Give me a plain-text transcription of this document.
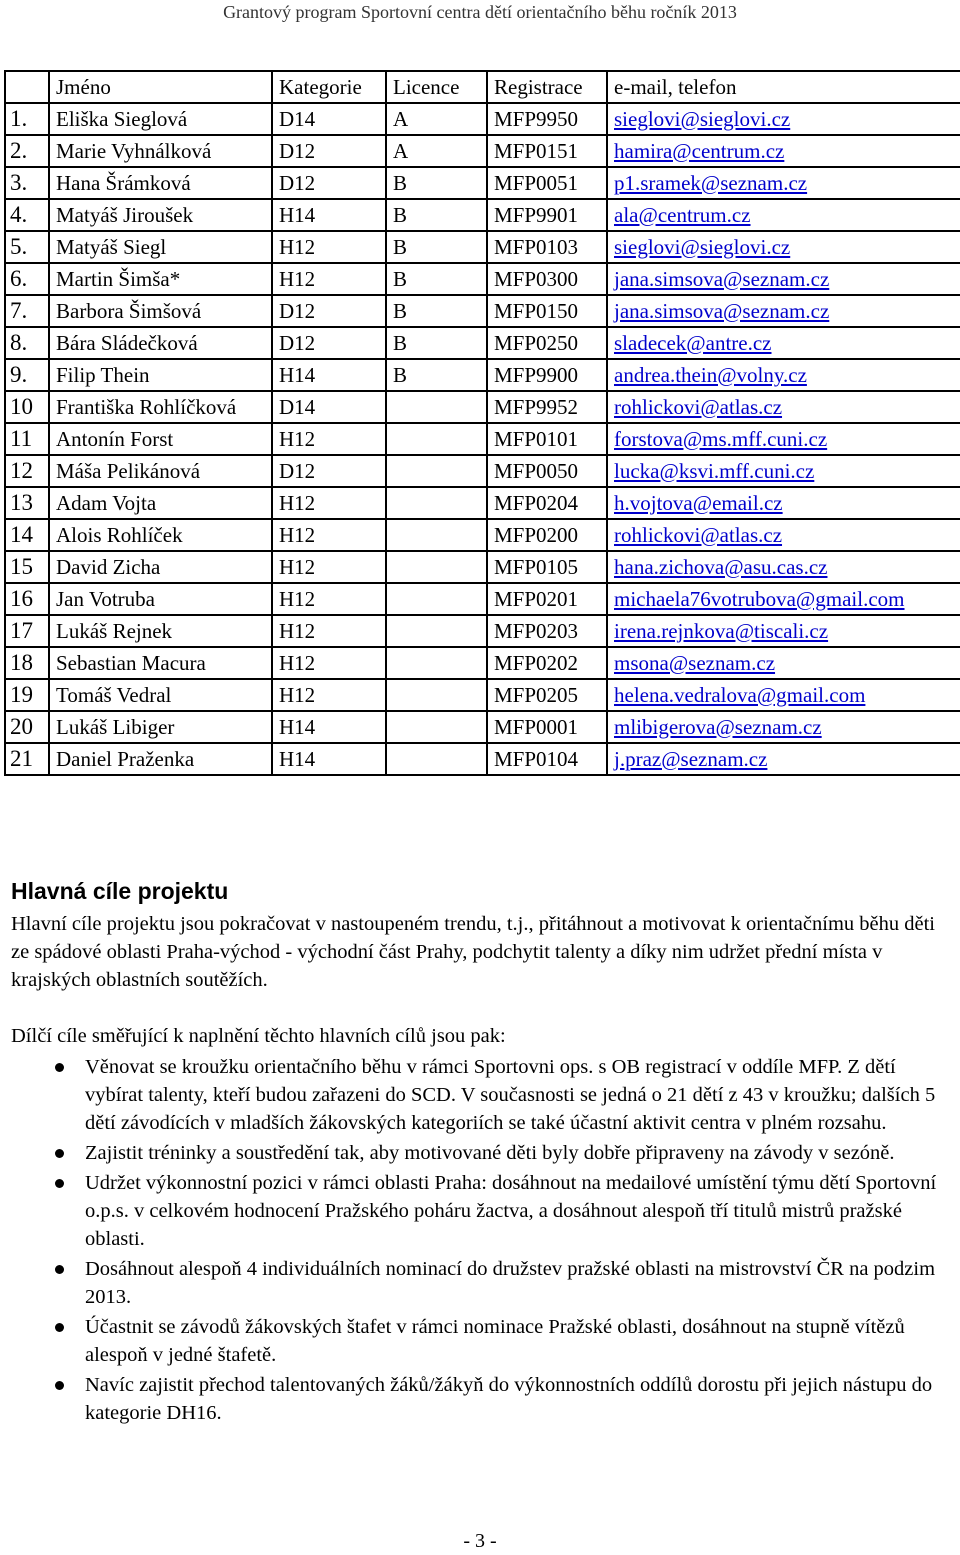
Grantový program Sportovní centra dětí orientačního běhu ročník 2013
	Jméno	Kategorie	Licence	Registrace	e-mail, telefon
1.	Eliška Sieglová	D14	A	MFP9950	sieglovi@sieglovi.cz
2.	Marie Vyhnálková	D12	A	MFP0151	hamira@centrum.cz
3.	Hana Šrámková	D12	B	MFP0051	p1.sramek@seznam.cz
4.	Matyáš Jiroušek	H14	B	MFP9901	ala@centrum.cz
5.	Matyáš Siegl	H12	B	MFP0103	sieglovi@sieglovi.cz
6.	Martin Šimša*	H12	B	MFP0300	jana.simsova@seznam.cz
7.	Barbora Šimšová	D12	B	MFP0150	jana.simsova@seznam.cz
8.	Bára Sládečková	D12	B	MFP0250	sladecek@antre.cz
9.	Filip Thein	H14	B	MFP9900	andrea.thein@volny.cz
10	Františka Rohlíčková	D14		MFP9952	rohlickovi@atlas.cz
11	Antonín Forst	H12		MFP0101	forstova@ms.mff.cuni.cz
12	Máša Pelikánová	D12		MFP0050	lucka@ksvi.mff.cuni.cz
13	Adam Vojta	H12		MFP0204	h.vojtova@email.cz
14	Alois Rohlíček	H12		MFP0200	rohlickovi@atlas.cz
15	David Zicha	H12		MFP0105	hana.zichova@asu.cas.cz
16	Jan Votruba	H12		MFP0201	michaela76votrubova@gmail.com
17	Lukáš Rejnek	H12		MFP0203	irena.rejnkova@tiscali.cz
18	Sebastian Macura	H12		MFP0202	msona@seznam.cz
19	Tomáš Vedral	H12		MFP0205	helena.vedralova@gmail.com
20	Lukáš Libiger	H14		MFP0001	mlibigerova@seznam.cz
21	Daniel Praženka	H14		MFP0104	j.praz@seznam.cz
Hlavná cíle projektu
Hlavní cíle projektu jsou pokračovat v nastoupeném trendu, t.j., přitáhnout a motivovat k orientačnímu běhu děti ze spádové oblasti Praha-východ - východní část Prahy, podchytit talenty a díky nim udržet přední místa v krajských oblastních soutěžích.
Dílčí cíle směřující k naplnění těchto hlavních cílů jsou pak:
Věnovat se kroužku orientačního běhu v rámci Sportovni ops. s OB registrací v oddíle MFP. Z dětí vybírat talenty, kteří budou zařazeni do SCD. V současnosti se jedná o 21 dětí z 43 v kroužku; dalších 5 dětí závodících v mladších žákovských kategoriích se také účastní aktivit centra v plném rozsahu.
Zajistit tréninky a soustředění tak, aby motivované děti byly dobře připraveny na závody v sezóně.
Udržet výkonnostní pozici v rámci oblasti Praha: dosáhnout na medailové umístění týmu dětí Sportovní o.p.s. v celkovém hodnocení Pražského poháru žactva, a dosáhnout alespoň tří titulů mistrů pražské oblasti.
Dosáhnout alespoň 4 individuálních nominací do družstev pražské oblasti na mistrovství ČR na podzim 2013.
Účastnit se závodů žákovských štafet v rámci nominace Pražské oblasti, dosáhnout na stupně vítězů alespoň v jedné štafetě.
Navíc zajistit přechod talentovaných žáků/žákyň do výkonnostních oddílů dorostu při jejich nástupu do kategorie DH16.
- 3 -
